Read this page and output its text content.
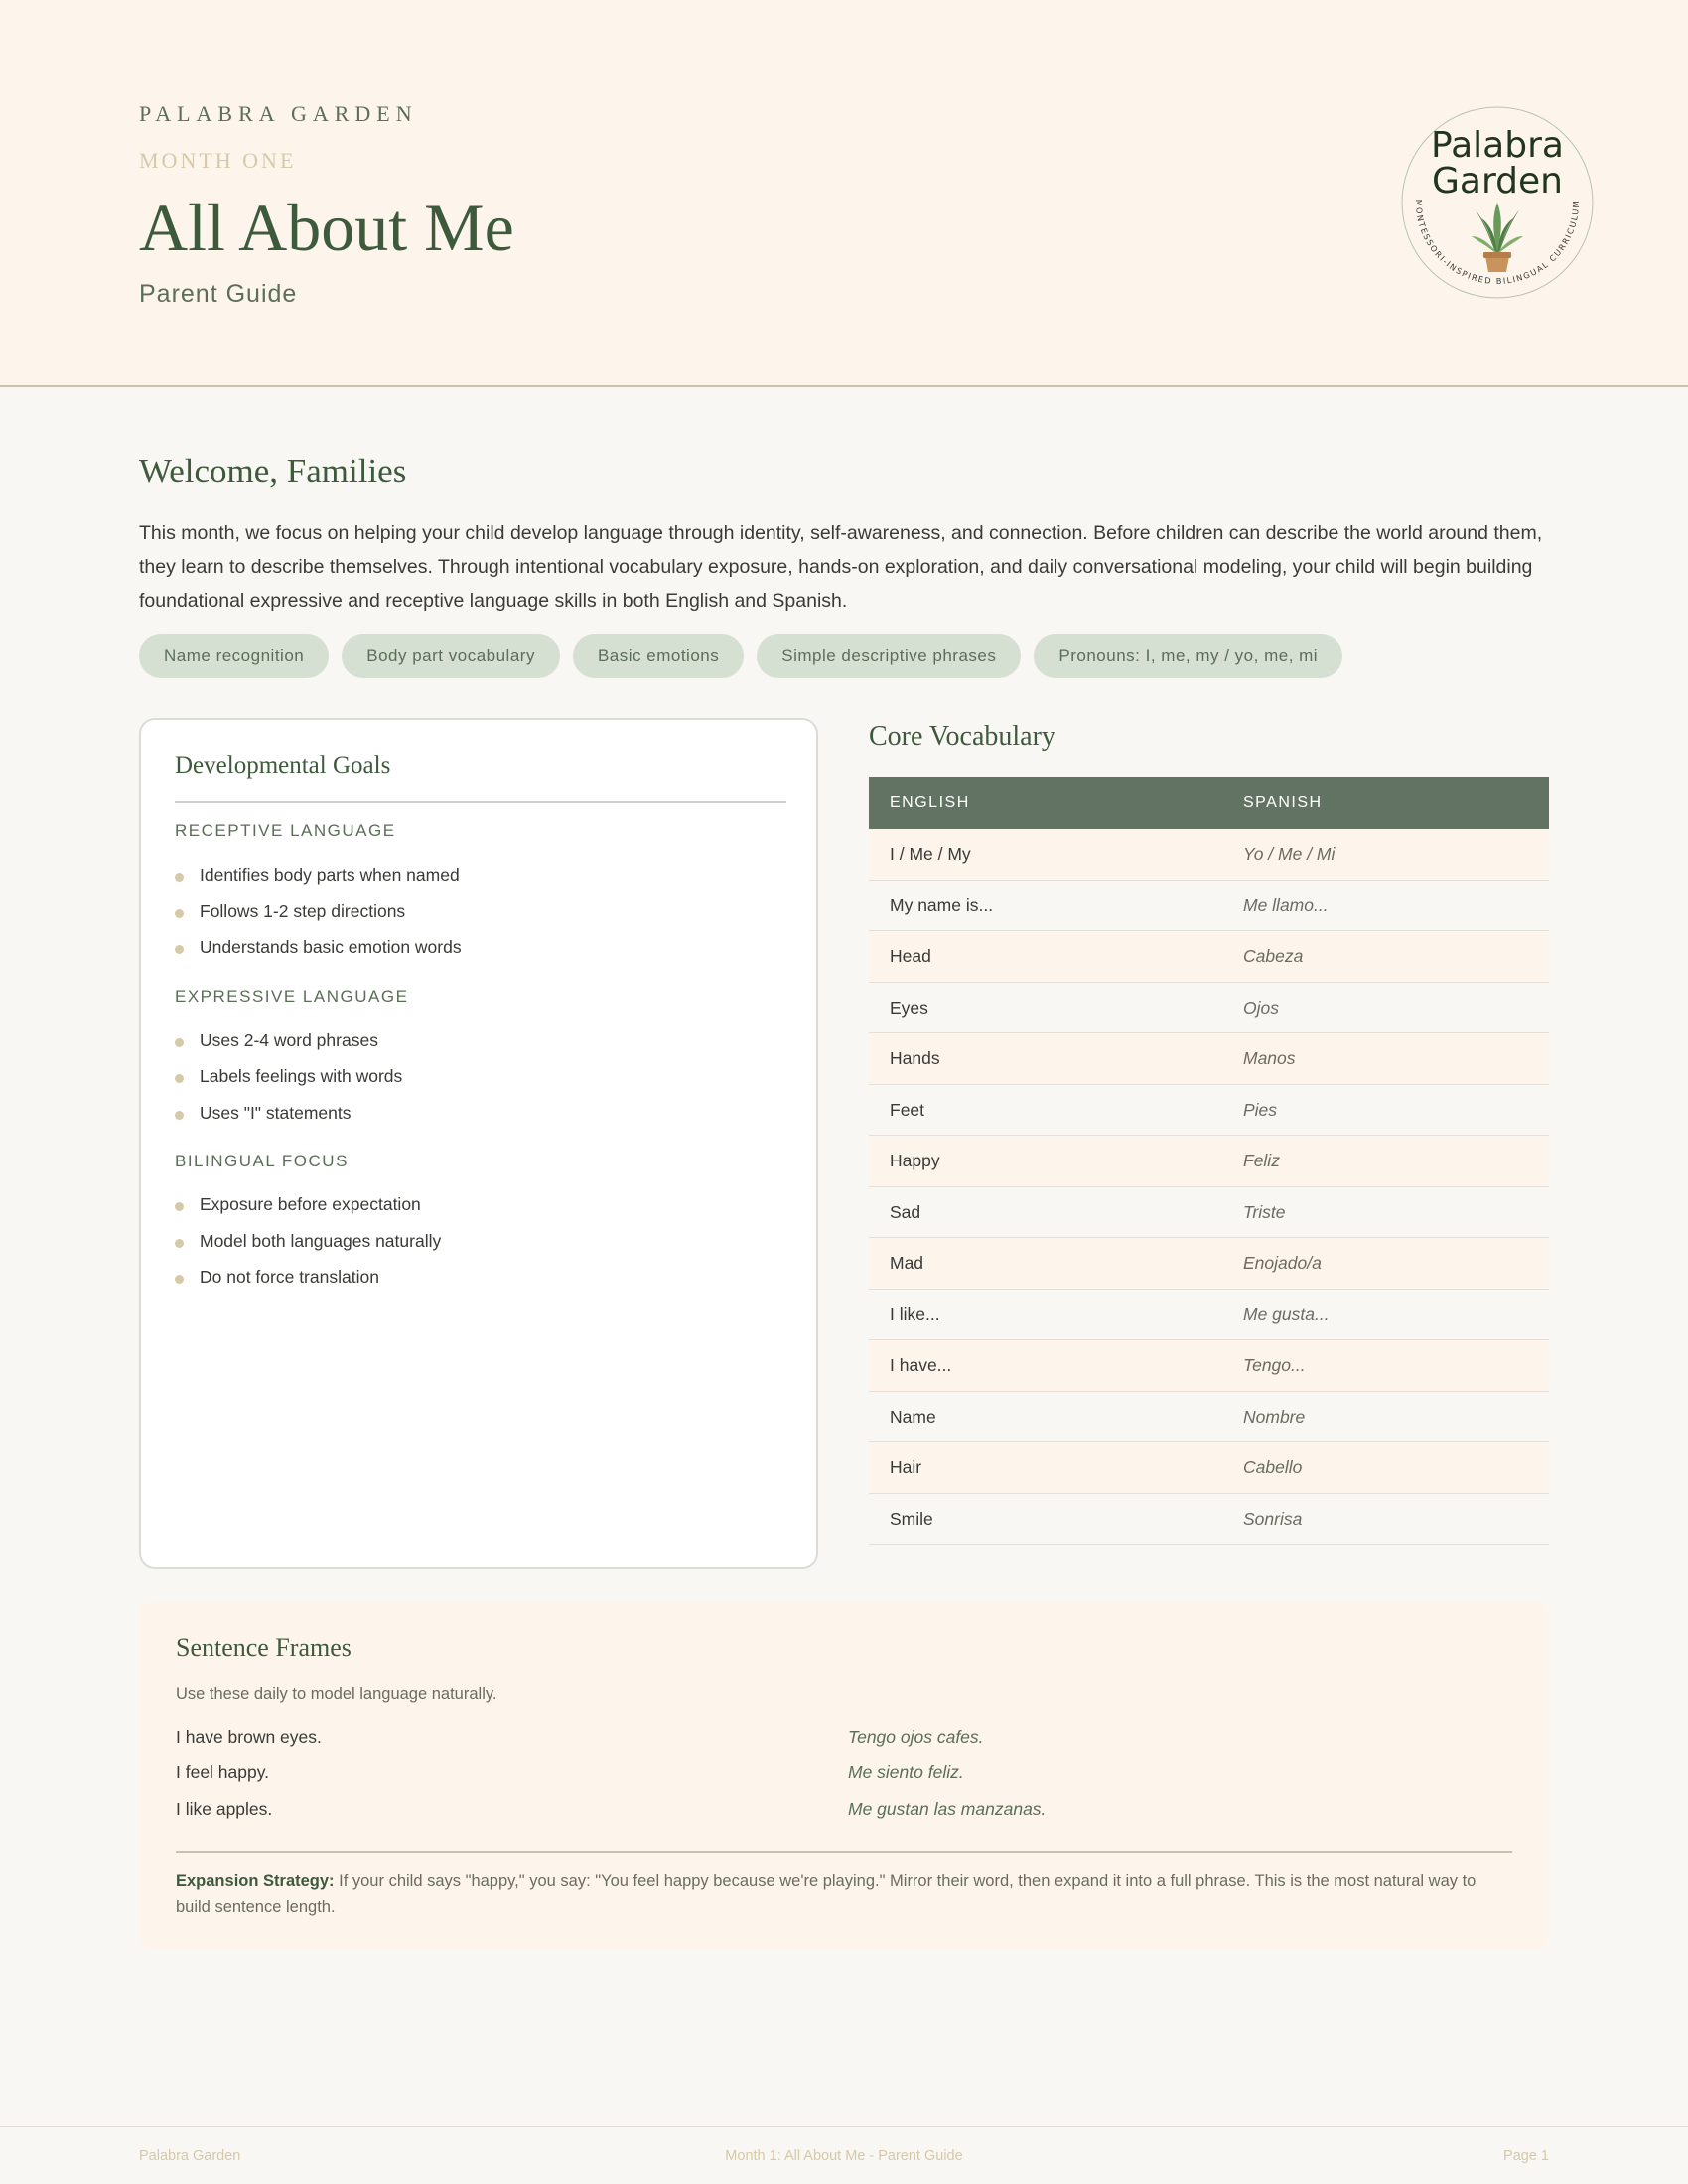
PALABRA GARDEN
MONTH ONE
All About Me
Parent Guide
Palabra
Garden
MONTESSORI-INSPIRED BILINGUAL CURRICULUM
Welcome, Families
This month, we focus on helping your child develop language through identity, self-awareness, and connection. Before children can describe the world around them, they learn to describe themselves. Through intentional vocabulary exposure, hands-on exploration, and daily conversational modeling, your child will begin building foundational expressive and receptive language skills in both English and Spanish.
Name recognition	Body part vocabulary	Basic emotions	Simple descriptive phrases	Pronouns: I, me, my / yo, me, mi
Developmental Goals
RECEPTIVE LANGUAGE
Identifies body parts when named
Follows 1-2 step directions
Understands basic emotion words
EXPRESSIVE LANGUAGE
Uses 2-4 word phrases
Labels feelings with words
Uses "I" statements
BILINGUAL FOCUS
Exposure before expectation
Model both languages naturally
Do not force translation
Core Vocabulary
ENGLISH	SPANISH
I / Me / My	Yo / Me / Mi
My name is...	Me llamo...
Head	Cabeza
Eyes	Ojos
Hands	Manos
Feet	Pies
Happy	Feliz
Sad	Triste
Mad	Enojado/a
I like...	Me gusta...
I have...	Tengo...
Name	Nombre
Hair	Cabello
Smile	Sonrisa
Sentence Frames
Use these daily to model language naturally.
I have brown eyes.	Tengo ojos cafes.
I feel happy.	Me siento feliz.
I like apples.	Me gustan las manzanas.
Expansion Strategy: If your child says "happy," you say: "You feel happy because we're playing." Mirror their word, then expand it into a full phrase. This is the most natural way to build sentence length.
Palabra Garden	Month 1: All About Me - Parent Guide	Page 1
